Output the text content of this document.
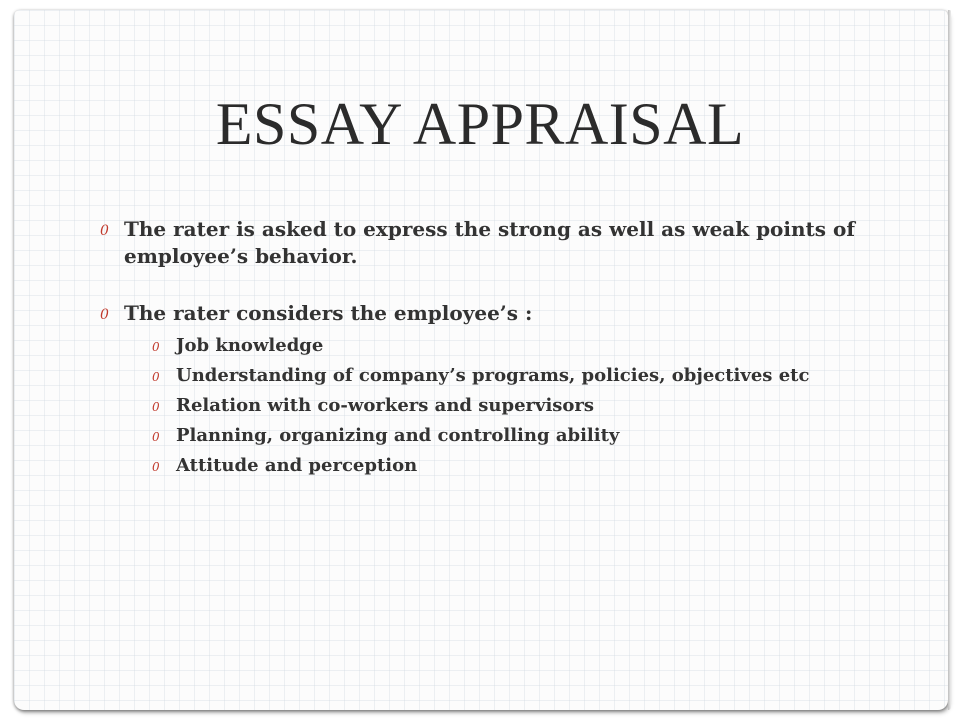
ESSAY APPRAISAL
0 The rater is asked to express the strong as well as weak points of employee’s behavior.
0 The rater considers the employee’s :
0 Job knowledge
0 Understanding of company’s programs, policies, objectives etc
0 Relation with co-workers and supervisors
0 Planning, organizing and controlling ability
0 Attitude and perception
